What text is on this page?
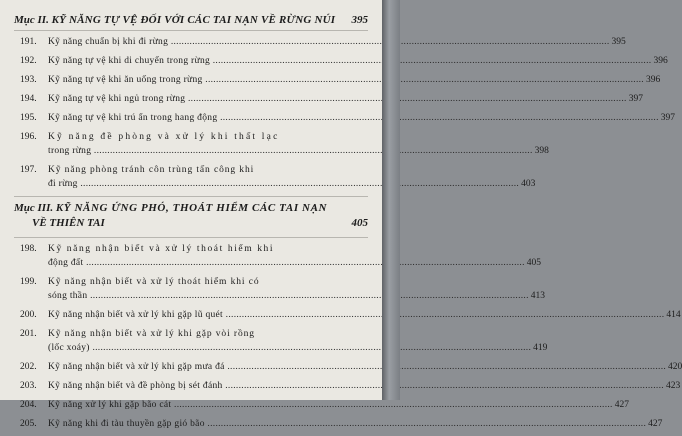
Mục II.
KỸ NĂNG TỰ VỆ ĐỐI VỚI CÁC TAI NẠN VỀ RỪNG NÚI	395
191.	Kỹ năng chuẩn bị khi đi rừng .....	395
192.	Kỹ năng tự vệ khi di chuyển trong rừng .....	396
193.	Kỹ năng tự vệ khi ăn uống trong rừng .....	396
194.	Kỹ năng tự vệ khi ngủ trong rừng .....	397
195.	Kỹ năng tự vệ khi trú ẩn trong hang động .....	397
196.	Kỹ năng đề phòng và xử lý khi thất lạc
trong rừng .....	398
197.	Kỹ năng phòng tránh côn trùng tấn công khi
đi rừng .....	403
Mục III.
KỸ NĂNG ỨNG PHÓ, THOÁT HIỂM CÁC TAI NẠN
VỀ THIÊN TAI	405
198.	Kỹ năng nhận biết và xử lý thoát hiểm khi
động đất .....	405
199.	Kỹ năng nhận biết và xử lý thoát hiểm khi có
sóng thần .....	413
200.	Kỹ năng nhận biết và xử lý khi gặp lũ quét .....	414
201.	Kỹ năng nhận biết và xử lý khi gặp vòi rồng
(lốc xoáy) .....	419
202.	Kỹ năng nhận biết và xử lý khi gặp mưa đá .....	420
203.	Kỹ năng nhận biết và đề phòng bị sét đánh .....	423
204.	Kỹ năng xử lý khi gặp bão cát .....	427
205.	Kỹ năng khi đi tàu thuyền gặp gió bão .....	427
